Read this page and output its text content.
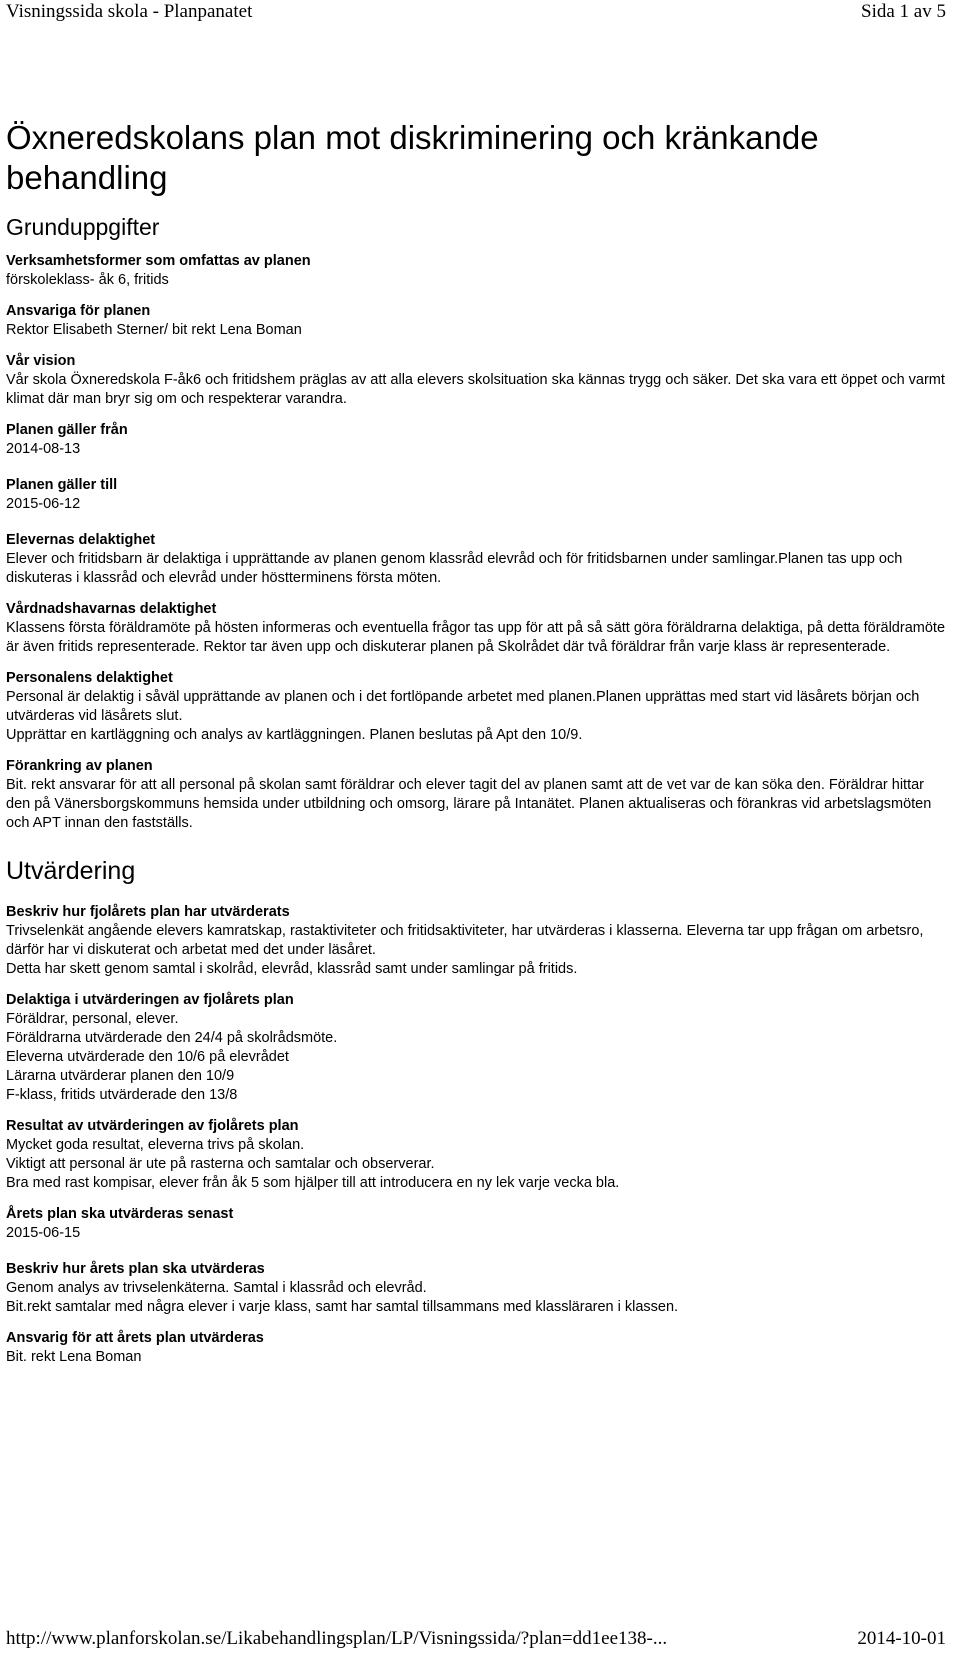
Visningssida skola - Planpanatet	Sida 1 av 5
Öxneredskolans plan mot diskriminering och kränkande behandling
Grunduppgifter
Verksamhetsformer som omfattas av planen
förskoleklass- åk 6, fritids
Ansvariga för planen
Rektor Elisabeth Sterner/ bit rekt Lena Boman
Vår vision
Vår skola Öxneredskola F-åk6 och fritidshem präglas av att alla elevers skolsituation ska kännas trygg och säker. Det ska vara ett öppet och varmt klimat där man bryr sig om och respekterar varandra.
Planen gäller från
2014-08-13
Planen gäller till
2015-06-12
Elevernas delaktighet
Elever och fritidsbarn är delaktiga i upprättande av planen genom klassråd elevråd och för fritidsbarnen under samlingar.Planen tas upp och diskuteras i klassråd och elevråd under höstterminens första möten.
Vårdnadshavarnas delaktighet
Klassens första föräldramöte på hösten informeras och eventuella frågor tas upp för att på så sätt göra föräldrarna delaktiga, på detta föräldramöte är även fritids representerade. Rektor tar även upp och diskuterar planen på Skolrådet där två föräldrar från varje klass är representerade.
Personalens delaktighet
Personal är delaktig i såväl upprättande av planen och i det fortlöpande arbetet med planen.Planen upprättas med start vid läsårets början och utvärderas vid läsårets slut.
Upprättar en kartläggning och analys av kartläggningen. Planen beslutas på Apt den 10/9.
Förankring av planen
Bit. rekt ansvarar för att all personal på skolan samt föräldrar och elever tagit del av planen samt att de vet var de kan söka den. Föräldrar hittar den på Vänersborgskommuns hemsida under utbildning och omsorg, lärare på Intanätet. Planen aktualiseras och förankras vid arbetslagsmöten och APT innan den fastställs.
Utvärdering
Beskriv hur fjolårets plan har utvärderats
Trivselenkät angående elevers kamratskap, rastaktiviteter och fritidsaktiviteter, har utvärderas i klasserna. Eleverna tar upp frågan om arbetsro, därför har vi diskuterat och arbetat med det under läsåret.
Detta har skett genom samtal i skolråd, elevråd, klassråd samt under samlingar på fritids.
Delaktiga i utvärderingen av fjolårets plan
Föräldrar, personal, elever.
Föräldrarna utvärderade den 24/4 på skolrådsmöte.
Eleverna utvärderade den 10/6 på elevrådet
Lärarna utvärderar planen den 10/9
F-klass, fritids utvärderade den 13/8
Resultat av utvärderingen av fjolårets plan
Mycket goda resultat, eleverna trivs på skolan.
Viktigt att personal är ute på rasterna och samtalar och observerar.
Bra med rast kompisar, elever från åk 5 som hjälper till att introducera en ny lek varje vecka bla.
Årets plan ska utvärderas senast
2015-06-15
Beskriv hur årets plan ska utvärderas
Genom analys av trivselenkäterna. Samtal i klassråd och elevråd.
Bit.rekt samtalar med några elever i varje klass, samt har samtal tillsammans med klassläraren i klassen.
Ansvarig för att årets plan utvärderas
Bit. rekt Lena Boman
http://www.planforskolan.se/Likabehandlingsplan/LP/Visningssida/?plan=dd1ee138-...	2014-10-01
